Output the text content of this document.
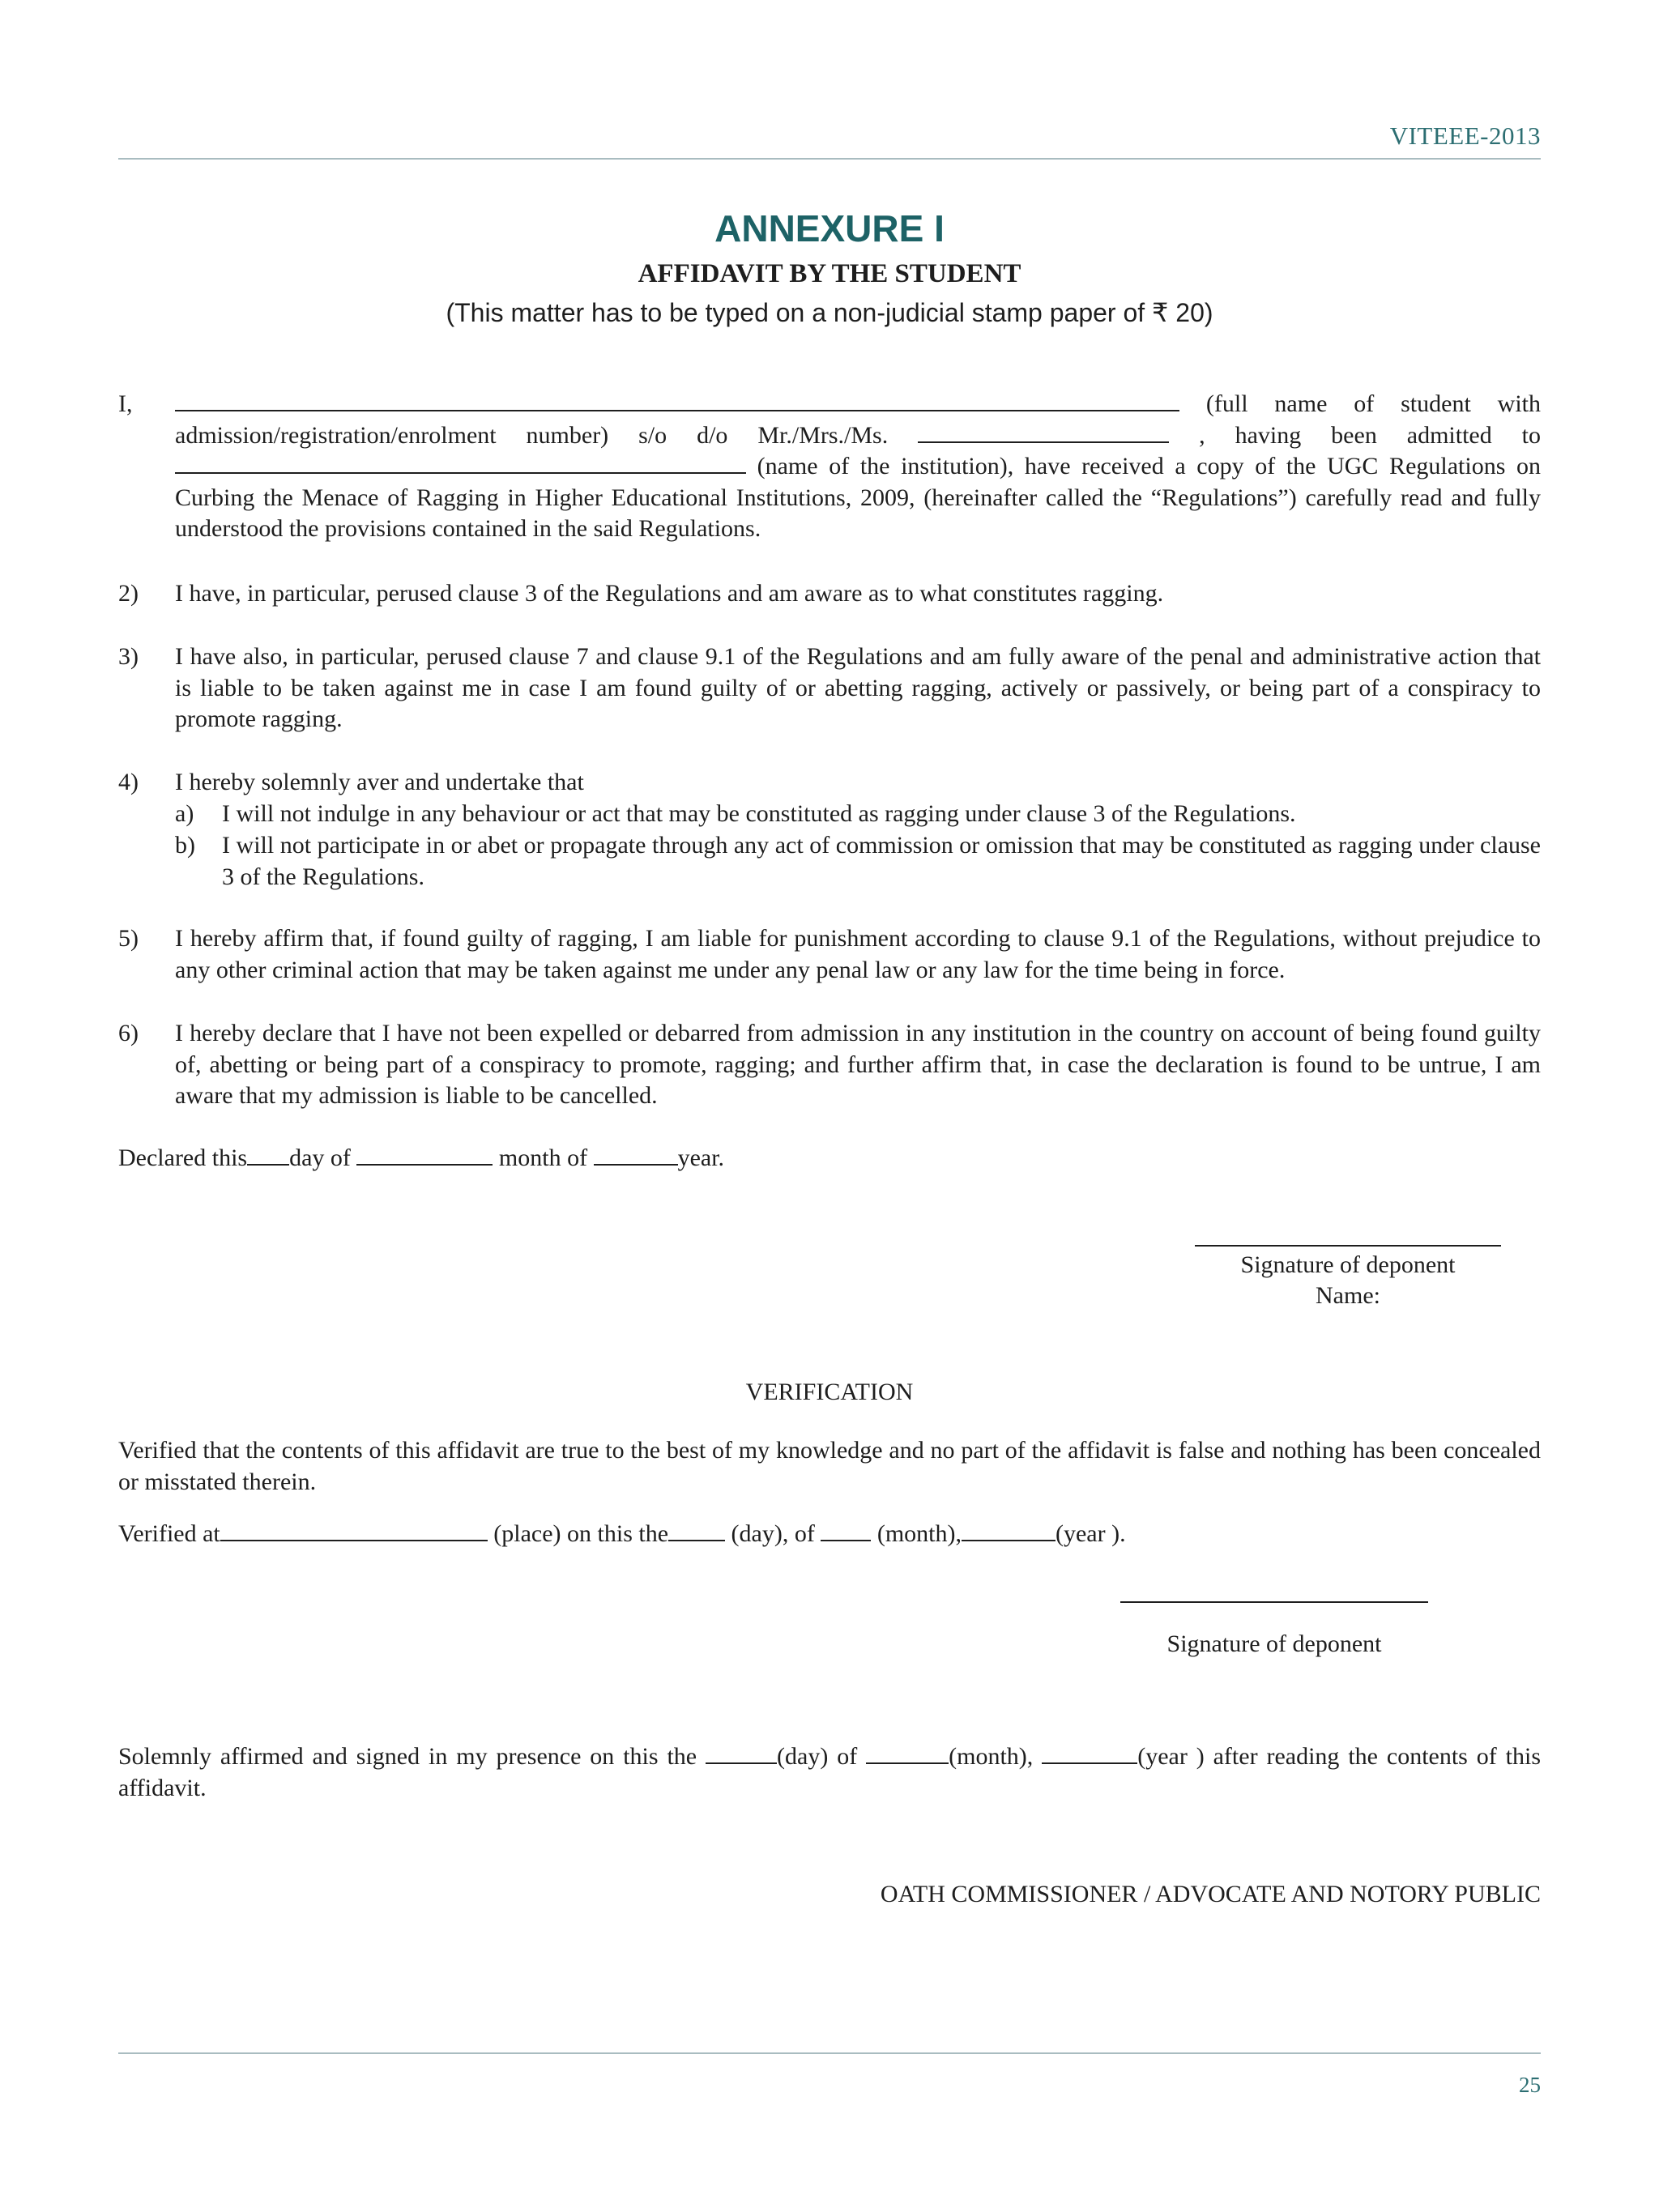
VITEEE-2013
ANNEXURE I
AFFIDAVIT BY THE STUDENT
(This matter has to be typed on a non-judicial stamp paper of ₹ 20)
I,	(full name of student with admission/registration/enrolment number) s/o d/o Mr./Mrs./Ms.	, having been admitted to  (name of the institution), have received a copy of the UGC Regulations on Curbing the Menace of Ragging in Higher Educational Institutions, 2009, (hereinafter called the “Regulations”) carefully read and fully understood the provisions contained in the said Regulations.
2) I have, in particular, perused clause 3 of the Regulations and am aware as to what constitutes ragging.
3) I have also, in particular, perused clause 7 and clause 9.1 of the Regulations and am fully aware of the penal and administrative action that is liable to be taken against me in case I am found guilty of or abetting ragging, actively or passively, or being part of a conspiracy to promote ragging.
4) I hereby solemnly aver and undertake that
a) I will not indulge in any behaviour or act that may be constituted as ragging under clause 3 of the Regulations.
b) I will not participate in or abet or propagate through any act of commission or omission that may be constituted as ragging under clause 3 of the Regulations.
5) I hereby affirm that, if found guilty of ragging, I am liable for punishment according to clause 9.1 of the Regulations, without prejudice to any other criminal action that may be taken against me under any penal law or any law for the time being in force.
6) I hereby declare that I have not been expelled or debarred from admission in any institution in the country on account of being found guilty of, abetting or being part of a conspiracy to promote, ragging; and further affirm that, in case the declaration is found to be untrue, I am aware that my admission is liable to be cancelled.
Declared this day of	month of	year.
Signature of deponent
Name:
VERIFICATION
Verified that the contents of this affidavit are true to the best of my knowledge and no part of the affidavit is false and nothing has been concealed or misstated therein.
Verified at	(place) on this the	(day), of	(month),	(year ).
Signature of deponent
Solemnly affirmed and signed in my presence on this the	(day) of	(month),	(year ) after reading the contents of this affidavit.
OATH COMMISSIONER / ADVOCATE AND NOTORY PUBLIC
25
